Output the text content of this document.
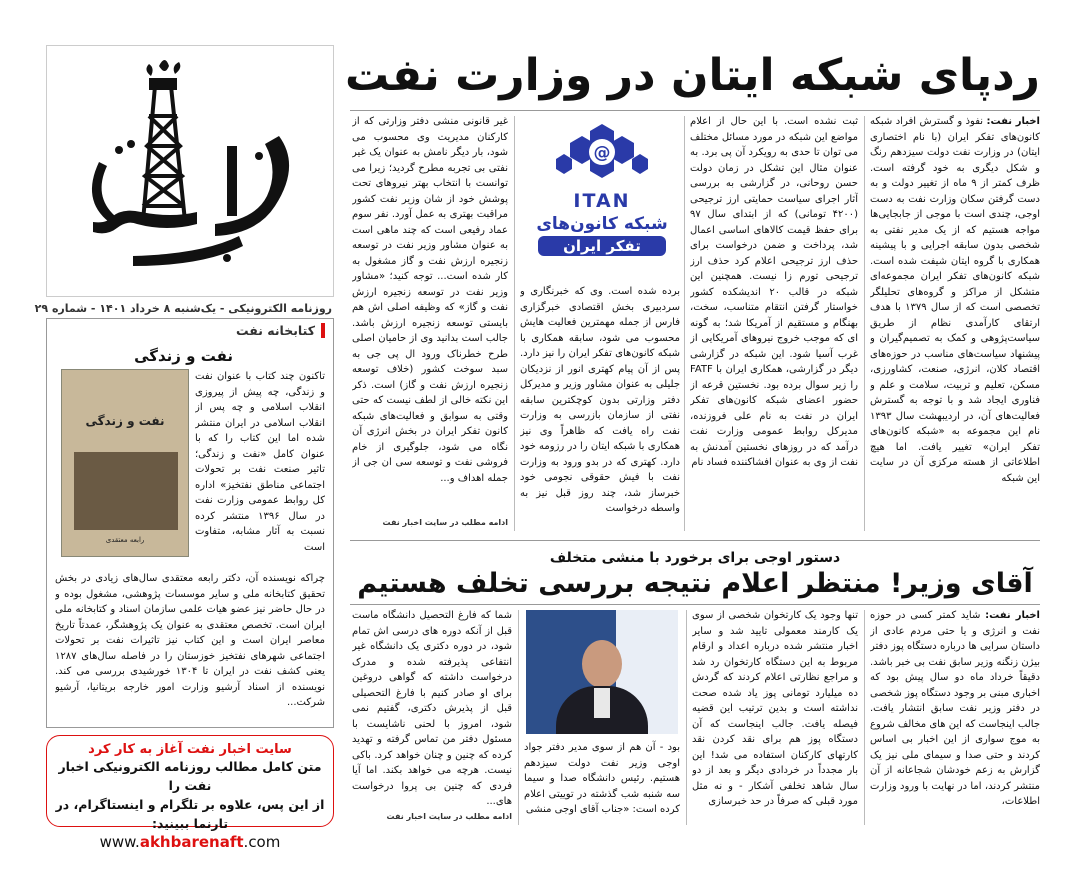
اخبار نفت
روزنامه الکترونیکی - یک‌شنبه ۸ خرداد ۱۴۰۱ - شماره ۲۹
کتابخانه نفت
نفت و زندگی
نفت و زندگی
رابعه معتقدی

تاکنون چند کتاب با عنوان نفت و زندگی، چه پیش از پیروزی انقلاب اسلامی و چه پس از انقلاب اسلامی در ایران منتشر شده اما این کتاب را که با عنوان کامل «نفت و زندگی؛ تاثیر صنعت نفت بر تحولات اجتماعی مناطق نفتخیز» اداره کل روابط عمومی وزارت نفت در سال ۱۳۹۶ منتشر کرده نسبت به آثار مشابه، متفاوت است

چراکه نویسنده آن، دکتر رابعه معتقدی سال‌های زیادی در بخش تحقیق کتابخانه ملی و سایر موسسات پژوهشی، مشغول بوده و در حال حاضر نیز عضو هیات علمی سازمان اسناد و کتابخانه ملی ایران است. تخصص معتقدی به عنوان یک پژوهشگر، عمدتاً تاریخ معاصر ایران است و این کتاب نیز تاثیرات نفت بر تحولات اجتماعی شهرهای نفتخیز خوزستان را در فاصله سال‌های ۱۲۸۷ یعنی کشف نفت در ایران تا ۱۳۰۴ خورشیدی بررسی می کند. نویسنده از اسناد آرشیو وزارت امور خارجه بریتانیا، آرشیو شرکت...

سایت اخبار نفت آغاز به کار کرد
متن کامل مطالب روزنامه الکترونیکی اخبار نفت را
از این پس، علاوه بر تلگرام و اینستاگرام، در تارنما ببینید:
www.akhbarenaft.com
ردپای شبکه ایتان در وزارت نفت

اخبار نفت: نفوذ و گسترش افراد شبکه کانون‌های تفکر ایران (با نام اختصاری ایتان) در وزارت نفت دولت سیزدهم رنگ و شکل دیگری به خود گرفته است. ظرف کمتر از ۹ ماه از تغییر دولت و به دست گرفتن سکان وزارت نفت به دست اوجی، چندی است با موجی از جابجایی‌ها مواجه هستیم که از یک مدیر نفتی به شخصی بدون سابقه اجرایی و با پیشینه همکاری با گروه ایتان شیفت شده است. شبکه کانون‌های تفکر ایران مجموعه‌ای متشکل از مراکز و گروه‌های تحلیلگر تخصصی است که از سال ۱۳۷۹ با هدف ارتقای کارآمدی نظام از طریق سیاست‌پژوهی و کمک به تصمیم‌گیران و پیشنهاد سیاست‌های مناسب در حوزه‌های اقتصاد کلان، انرژی، صنعت، کشاورزی، مسکن، تعلیم و تربیت، سلامت و علم و فناوری ایجاد شد و با توجه به گسترش فعالیت‌های آن، در اردیبهشت سال ۱۳۹۳ نام این مجموعه به «شبکه کانون‌های تفکر ایران» تغییر یافت. اما هیچ اطلاعاتی از هسته مرکزی آن در سایت این شبکه

ثبت نشده است. با این حال از اعلام مواضع این شبکه در مورد مسائل مختلف می توان تا حدی به رویکرد آن پی برد. به عنوان مثال این تشکل در زمان دولت حسن روحانی، در گزارشی به بررسی آثار اجرای سیاست حمایتی ارز ترجیحی (۴۲۰۰ تومانی) که از ابتدای سال ۹۷ برای حفظ قیمت کالاهای اساسی اعمال شد، پرداخت و ضمن درخواست برای حذف ارز ترجیحی اعلام کرد حذف ارز ترجیحی تورم زا نیست. همچنین این شبکه در قالب ۲۰ اندیشکده کشور خواستار گرفتن انتقام متناسب، سخت، بهنگام و مستقیم از آمریکا شد؛ به گونه ای که موجب خروج نیروهای آمریکایی از غرب آسیا شود. این شبکه در گزارشی دیگر در گزارشی، همکاری ایران با FATF را زیر سوال برده بود. نخستین قرعه از حضور اعضای شبکه کانون‌های تفکر ایران در نفت به نام علی فروزنده، مدیرکل روابط عمومی وزارت نفت درآمد که در روزهای نخستین آمدنش به نفت از وی به عنوان افشاکننده فساد نام

@
ITAN
شبکه کانون‌های
تفکر ایران

برده شده است. وی که خبرنگاری و سردبیری بخش اقتصادی خبرگزاری فارس از جمله مهمترین فعالیت هایش محسوب می شود، سابقه همکاری با شبکه کانون‌های تفکر ایران را نیز دارد. پس از آن پیام کهتری انور از نزدیکان جلیلی به عنوان مشاور وزیر و مدیرکل دفتر وزارتی بدون کوچکترین سابقه نفتی از سازمان بازرسی به وزارت نفت راه یافت که ظاهراً وی نیز همکاری با شبکه ایتان را در رزومه خود دارد. کهتری که در بدو ورود به وزارت نفت با فیش حقوقی نجومی خود خبرساز شد، چند روز قبل نیز به واسطه درخواست

غیر قانونی منشی دفتر وزارتی که از کارکنان مدیریت وی محسوب می شود، بار دیگر نامش به عنوان یک غیر نفتی بی تجربه مطرح گردید؛ زیرا می توانست با انتخاب بهتر نیروهای تحت پوشش خود از شان وزیر نفت کشور مراقبت بهتری به عمل آورد. نفر سوم عماد رفیعی است که چند ماهی است به عنوان مشاور وزیر نفت در توسعه زنجیره ارزش نفت و گاز مشغول به کار شده است... توجه کنید؛ «مشاور وزیر نفت در توسعه زنجیره ارزش نفت و گاز» که وظیفه اصلی اش هم بایستی توسعه زنجیره ارزش باشد. جالب است بدانید وی از حامیان اصلی طرح خطرناک ورود ال پی جی به سبد سوخت کشور (خلاف توسعه زنجیره ارزش نفت و گاز) است. ذکر این نکته خالی از لطف نیست که حتی وقتی به سوابق و فعالیت‌های شبکه کانون تفکر ایران در بخش انرژی آن نگاه می شود، جلوگیری از خام فروشی نفت و توسعه سی ان جی از جمله اهداف و...

ادامه مطلب در سایت اخبار نفت
دستور اوجی برای برخورد با منشی متخلف
آقای وزیر! منتظر اعلام نتیجه بررسی تخلف هستیم

اخبار نفت: شاید کمتر کسی در حوزه نفت و انرژی و یا حتی مردم عادی از داستان سرایی ها درباره دستگاه پوز دفتر بیژن زنگنه وزیر سابق نفت بی خبر باشد. دقیقاً خرداد ماه دو سال پیش بود که اخباری مبنی بر وجود دستگاه پوز شخصی در دفتر وزیر نفت سابق انتشار یافت. جالب اینجاست که این های مخالف شروع به موج سواری از این اخبار بی اساس کردند و حتی صدا و سیمای ملی نیز یک گزارش به زعم خودشان شجاعانه از آن منتشر کردند، اما در نهایت با ورود وزارت اطلاعات،

تنها وجود یک کارتخوان شخصی از سوی یک کارمند معمولی تایید شد و سایر اخبار منتشر شده درباره اعداد و ارقام مربوط به این دستگاه کارتخوان رد شد و مراجع نظارتی اعلام کردند که گردش ده میلیارد تومانی پوز یاد شده صحت نداشته است و بدین ترتیب این قضیه فیصله یافت. جالب اینجاست که آن دستگاه پوز هم برای نقد کردن نقد کارتهای کارکنان استفاده می شد! این بار مجدداً در خردادی دیگر و بعد از دو سال شاهد تخلفی آشکار - و نه مثل مورد قبلی که صرفاً در حد خبرسازی

بود - آن هم از سوی مدیر دفتر جواد اوجی وزیر نفت دولت سیزدهم هستیم. رئیس دانشگاه صدا و سیما سه شنبه شب گذشته در توییتی اعلام کرده است: «جناب آقای اوجی منشی

شما که فارغ التحصیل دانشگاه ماست قبل از آنکه دوره های درسی اش تمام شود، در دوره دکتری یک دانشگاه غیر انتفاعی پذیرفته شده و مدرک درخواست داشته که گواهی دروغین برای او صادر کنیم با فارغ التحصیلی قبل از پذیرش دکتری، گفتیم نمی شود، امروز با لحنی ناشایست با مسئول دفتر من تماس گرفته و تهدید کرده که چنین و چنان خواهد کرد. باکی نیست. هرچه می خواهد بکند. اما آیا فردی که چنین بی پروا درخواست های...

ادامه مطلب در سایت اخبار نفت
